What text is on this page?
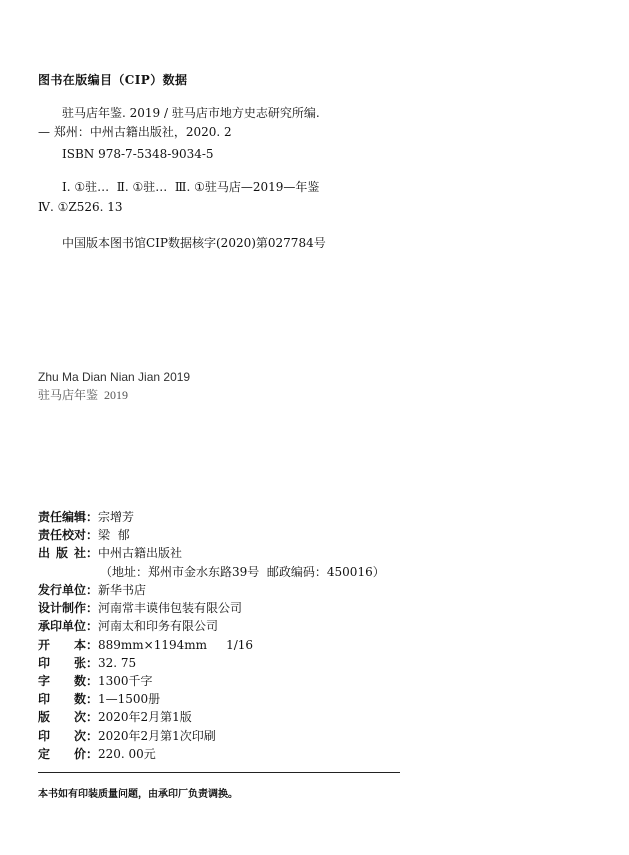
图书在版编目（CIP）数据
驻马店年鉴. 2019 / 驻马店市地方史志研究所编.
— 郑州：中州古籍出版社，2020. 2
ISBN 978-7-5348-9034-5
Ⅰ. ①驻…  Ⅱ. ①驻…  Ⅲ. ①驻马店—2019—年鉴
Ⅳ. ①Z526. 13
中国版本图书馆CIP数据核字(2020)第027784号
Zhu Ma Dian Nian Jian 2019
驻马店年鉴  2019
责任编辑：宗增芳
责任校对：梁  郁
出 版 社：中州古籍出版社
（地址：郑州市金水东路39号  邮政编码：450016）
发行单位：新华书店
设计制作：河南常丰谟伟包装有限公司
承印单位：河南太和印务有限公司
开 本：889mm×1194mm     1/16
印 张：32. 75
字 数：1300千字
印 数：1—1500册
版 次：2020年2月第1版
印 次：2020年2月第1次印刷
定 价：220. 00元
本书如有印装质量问题，由承印厂负责调换。
